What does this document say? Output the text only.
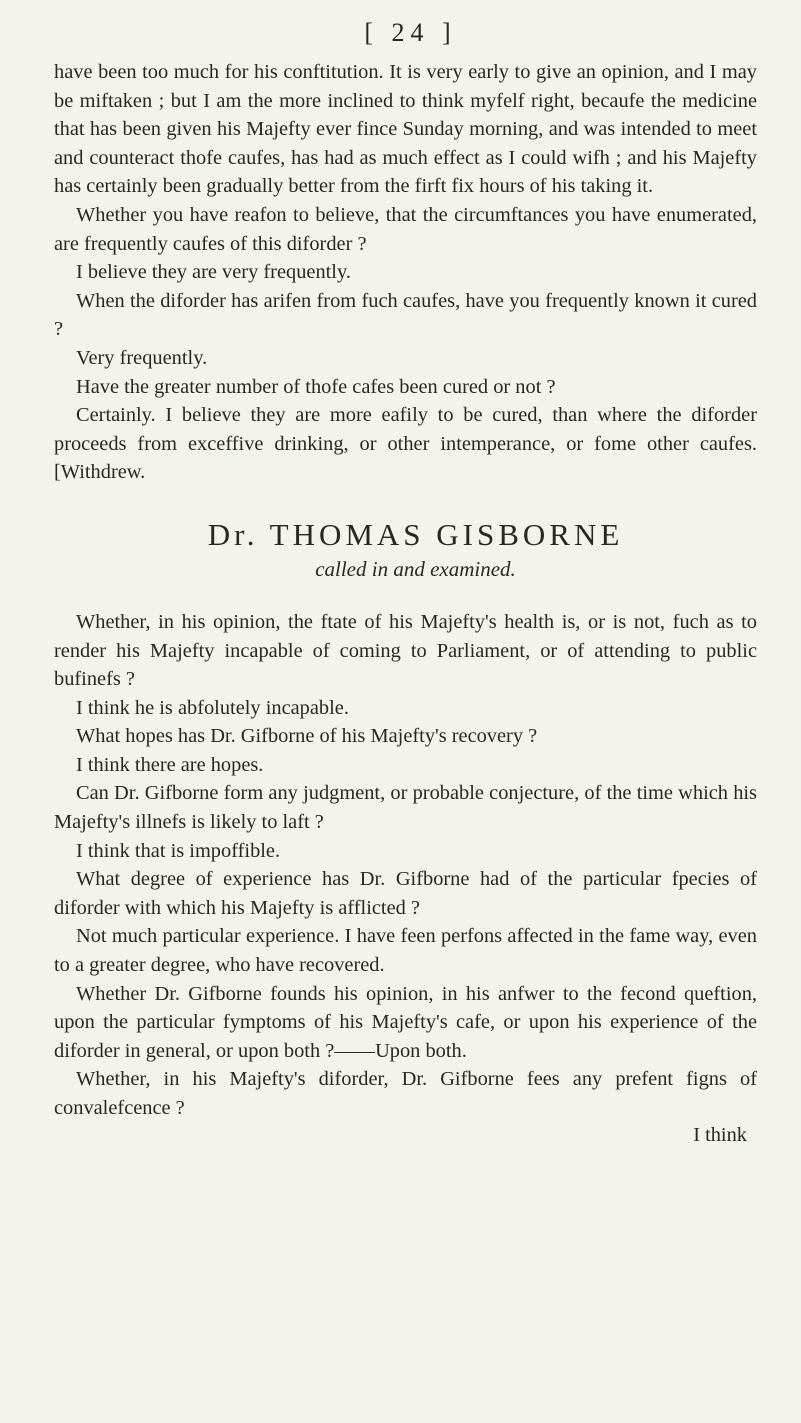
[ 24 ]

have been too much for his conftitution. It is very early to give an opinion, and I may be miftaken ; but I am the more inclined to think myfelf right, becaufe the medicine that has been given his Majefty ever fince Sunday morning, and was intended to meet and counteract thofe caufes, has had as much effect as I could wifh ; and his Majefty has certainly been gradually better from the firft fix hours of his taking it.

Whether you have reafon to believe, that the circumftances you have enumerated, are frequently caufes of this diforder ?

I believe they are very frequently.

When the diforder has arifen from fuch caufes, have you frequently known it cured ?

Very frequently.

Have the greater number of thofe cafes been cured or not ?

Certainly. I believe they are more eafily to be cured, than where the diforder proceeds from exceffive drinking, or other intemperance, or fome other caufes. [Withdrew.

Dr. THOMAS GISBORNE
called in and examined.

Whether, in his opinion, the ftate of his Majefty's health is, or is not, fuch as to render his Majefty incapable of coming to Parliament, or of attending to public bufinefs ?

I think he is abfolutely incapable.

What hopes has Dr. Gifborne of his Majefty's recovery ?

I think there are hopes.

Can Dr. Gifborne form any judgment, or probable conjecture, of the time which his Majefty's illnefs is likely to laft ?

I think that is impoffible.

What degree of experience has Dr. Gifborne had of the particular fpecies of diforder with which his Majefty is afflicted ?

Not much particular experience. I have feen perfons affected in the fame way, even to a greater degree, who have recovered.

Whether Dr. Gifborne founds his opinion, in his anfwer to the fecond queftion, upon the particular fymptoms of his Majefty's cafe, or upon his experience of the diforder in general, or upon both ?——Upon both.

Whether, in his Majefty's diforder, Dr. Gifborne fees any prefent figns of convalefcence ?

I think
